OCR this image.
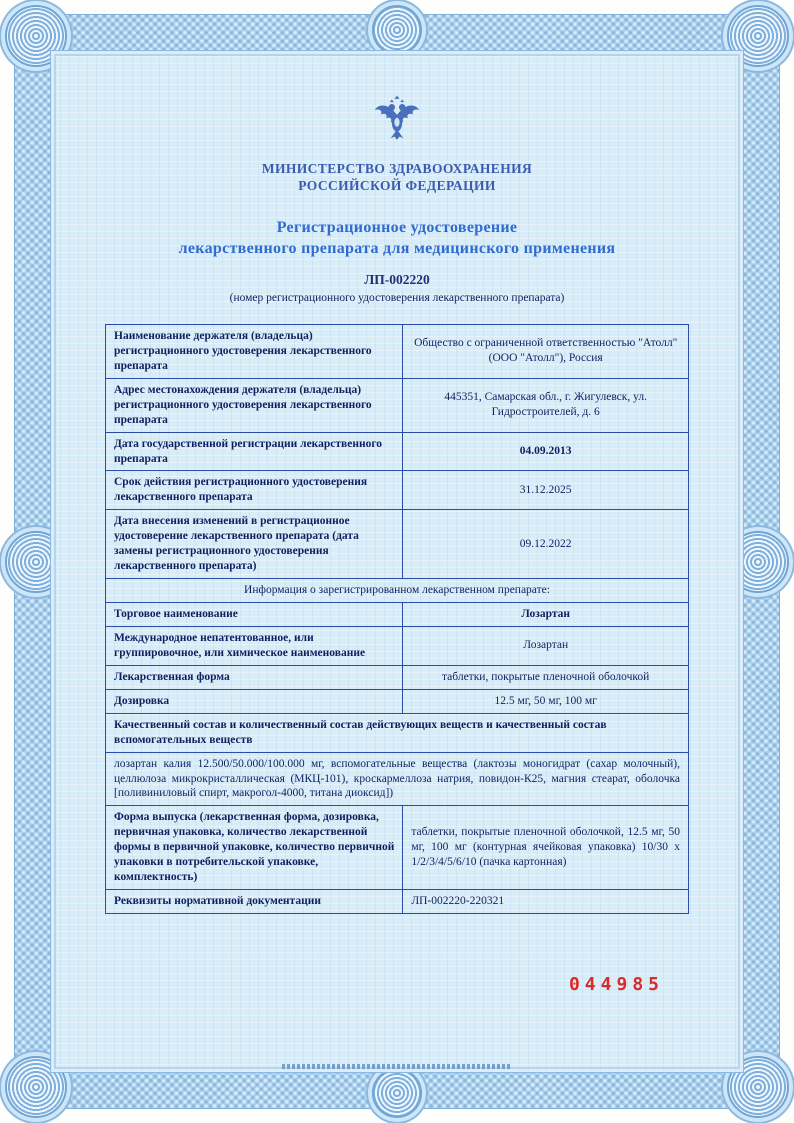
МИНИСТЕРСТВО ЗДРАВООХРАНЕНИЯ
РОССИЙСКОЙ ФЕДЕРАЦИИ
Регистрационное удостоверение
лекарственного препарата для медицинского применения
ЛП-002220
(номер регистрационного удостоверения лекарственного препарата)
Наименование держателя (владельца) регистрационного удостоверения лекарственного препарата	Общество с ограниченной ответственностью "Атолл" (ООО "Атолл"), Россия
Адрес местонахождения держателя (владельца) регистрационного удостоверения лекарственного препарата	445351, Самарская обл., г. Жигулевск, ул. Гидростроителей, д. 6
Дата государственной регистрации лекарственного препарата	04.09.2013
Срок действия регистрационного удостоверения лекарственного препарата	31.12.2025
Дата внесения изменений в регистрационное удостоверение лекарственного препарата (дата замены регистрационного удостоверения лекарственного препарата)	09.12.2022
Информация о зарегистрированном лекарственном препарате:	
Торговое наименование	Лозартан
Международное непатентованное, или группировочное, или химическое наименование	Лозартан
Лекарственная форма	таблетки, покрытые пленочной оболочкой
Дозировка	12.5 мг, 50 мг, 100 мг
Качественный состав и количественный состав действующих веществ и качественный состав вспомогательных веществ	
лозартан калия 12.500/50.000/100.000 мг, вспомогательные вещества (лактозы моногидрат (сахар молочный), целлюлоза микрокристаллическая (МКЦ-101), кроскармеллоза натрия, повидон-К25, магния стеарат, оболочка [поливиниловый спирт, макрогол-4000, титана диоксид])	
Форма выпуска (лекарственная форма, дозировка, первичная упаковка, количество лекарственной формы в первичной упаковке, количество первичной упаковки в потребительской упаковке, комплектность)	таблетки, покрытые пленочной оболочкой, 12.5 мг, 50 мг, 100 мг (контурная ячейковая упаковка) 10/30 х 1/2/3/4/5/6/10 (пачка картонная)
Реквизиты нормативной документации	ЛП-002220-220321
044985
